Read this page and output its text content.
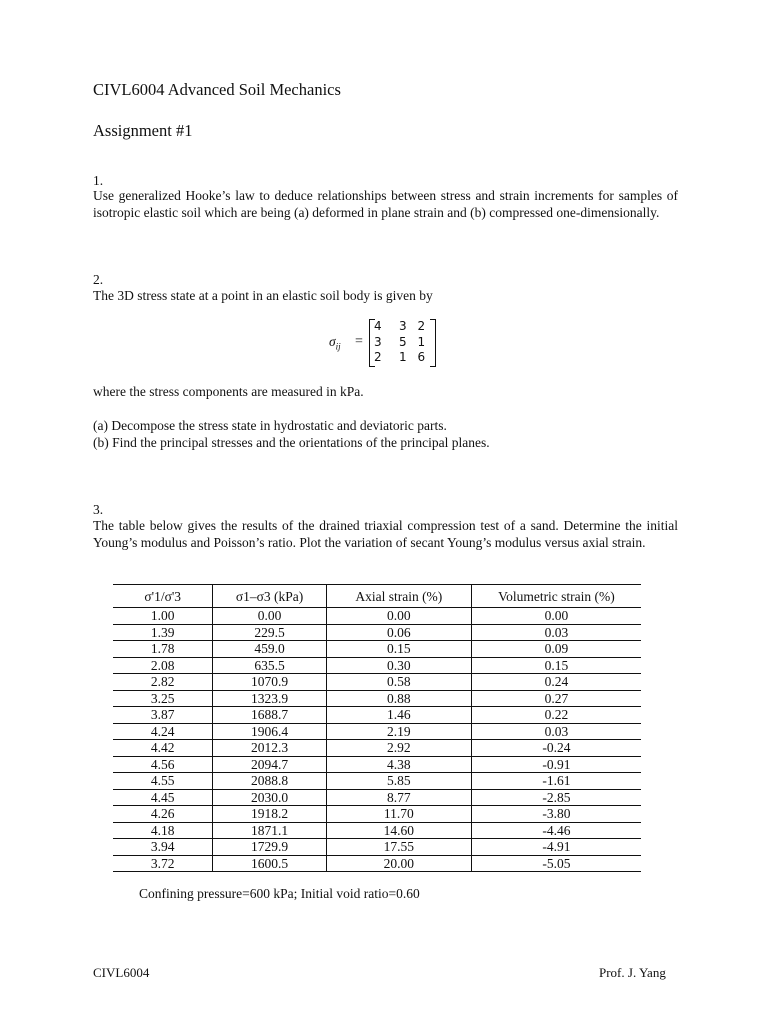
CIVL6004 Advanced Soil Mechanics
Assignment #1
1.
Use generalized Hooke’s law to deduce relationships between stress and strain increments for samples of isotropic elastic soil which are being (a) deformed in plane strain and (b) compressed one-dimensionally.
2.
The 3D stress state at a point in an elastic soil body is given by
$\sigma_{ij}$ =
4	3 2
3	5 1
2	1 6
where the stress components are measured in kPa.
(a) Decompose the stress state in hydrostatic and deviatoric parts.
(b) Find the principal stresses and the orientations of the principal planes.
3.
The table below gives the results of the drained triaxial compression test of a sand. Determine the initial Young’s modulus and Poisson’s ratio. Plot the variation of secant Young’s modulus versus axial strain.
σ'1/σ'3	σ1–σ3 (kPa)	Axial strain (%)	Volumetric strain (%)
1.00	0.00	0.00	0.00
1.39	229.5	0.06	0.03
1.78	459.0	0.15	0.09
2.08	635.5	0.30	0.15
2.82	1070.9	0.58	0.24
3.25	1323.9	0.88	0.27
3.87	1688.7	1.46	0.22
4.24	1906.4	2.19	0.03
4.42	2012.3	2.92	-0.24
4.56	2094.7	4.38	-0.91
4.55	2088.8	5.85	-1.61
4.45	2030.0	8.77	-2.85
4.26	1918.2	11.70	-3.80
4.18	1871.1	14.60	-4.46
3.94	1729.9	17.55	-4.91
3.72	1600.5	20.00	-5.05
Confining pressure=600 kPa; Initial void ratio=0.60
CIVL6004	Prof. J. Yang
